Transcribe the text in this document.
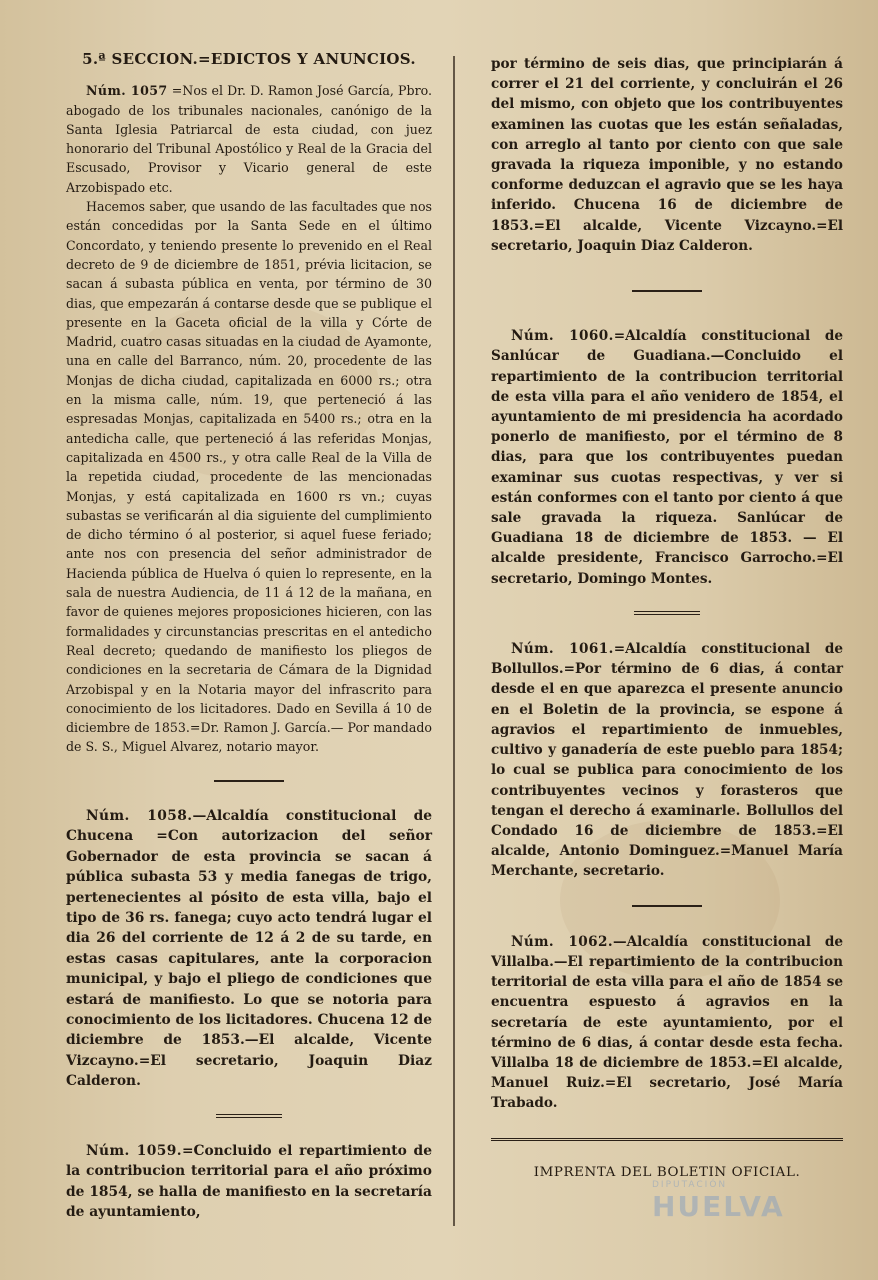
5.ª SECCION.=EDICTOS Y ANUNCIOS.

Núm. 1057 =Nos el Dr. D. Ramon José García, Pbro. abogado de los tribunales nacionales, canónigo de la Santa Iglesia Patriarcal de esta ciudad, con juez honorario del Tribunal Apostólico y Real de la Gracia del Escusado, Provisor y Vicario general de este Arzobispado etc.

Hacemos saber, que usando de las facultades que nos están concedidas por la Santa Sede en el último Concordato, y teniendo presente lo prevenido en el Real decreto de 9 de diciembre de 1851, prévia licitacion, se sacan á subasta pública en venta, por término de 30 dias, que empezarán á contarse desde que se publique el presente en la Gaceta oficial de la villa y Córte de Madrid, cuatro casas situadas en la ciudad de Ayamonte, una en calle del Barranco, núm. 20, procedente de las Monjas de dicha ciudad, capitalizada en 6000 rs.; otra en la misma calle, núm. 19, que perteneció á las espresadas Monjas, capitalizada en 5400 rs.; otra en la antedicha calle, que perteneció á las referidas Monjas, capitalizada en 4500 rs., y otra calle Real de la Villa de la repetida ciudad, procedente de las mencionadas Monjas, y está capitalizada en 1600 rs vn.; cuyas subastas se verificarán al dia siguiente del cumplimiento de dicho término ó al posterior, si aquel fuese feriado; ante nos con presencia del señor administrador de Hacienda pública de Huelva ó quien lo represente, en la sala de nuestra Audiencia, de 11 á 12 de la mañana, en favor de quienes mejores proposiciones hicieren, con las formalidades y circunstancias prescritas en el antedicho Real decreto; quedando de manifiesto los pliegos de condiciones en la secretaria de Cámara de la Dignidad Arzobispal y en la Notaria mayor del infrascrito para conocimiento de los licitadores. Dado en Sevilla á 10 de diciembre de 1853.=Dr. Ramon J. García.— Por mandado de S. S., Miguel Alvarez, notario mayor.

Núm. 1058.—Alcaldía constitucional de Chucena =Con autorizacion del señor Gobernador de esta provincia se sacan á pública subasta 53 y media fanegas de trigo, pertenecientes al pósito de esta villa, bajo el tipo de 36 rs. fanega; cuyo acto tendrá lugar el dia 26 del corriente de 12 á 2 de su tarde, en estas casas capitulares, ante la corporacion municipal, y bajo el pliego de condiciones que estará de manifiesto. Lo que se notoria para conocimiento de los licitadores. Chucena 12 de diciembre de 1853.—El alcalde, Vicente Vizcayno.=El secretario, Joaquin Diaz Calderon.

Núm. 1059.=Concluido el repartimiento de la contribucion territorial para el año próximo de 1854, se halla de manifiesto en la secretaría de ayuntamiento,

por término de seis dias, que principiarán á correr el 21 del corriente, y concluirán el 26 del mismo, con objeto que los contribuyentes examinen las cuotas que les están señaladas, con arreglo al tanto por ciento con que sale gravada la riqueza imponible, y no estando conforme deduzcan el agravio que se les haya inferido. Chucena 16 de diciembre de 1853.=El alcalde, Vicente Vizcayno.=El secretario, Joaquin Diaz Calderon.

Núm. 1060.=Alcaldía constitucional de Sanlúcar de Guadiana.—Concluido el repartimiento de la contribucion territorial de esta villa para el año venidero de 1854, el ayuntamiento de mi presidencia ha acordado ponerlo de manifiesto, por el término de 8 dias, para que los contribuyentes puedan examinar sus cuotas respectivas, y ver si están conformes con el tanto por ciento á que sale gravada la riqueza. Sanlúcar de Guadiana 18 de diciembre de 1853. — El alcalde presidente, Francisco Garrocho.=El secretario, Domingo Montes.

Núm. 1061.=Alcaldía constitucional de Bollullos.=Por término de 6 dias, á contar desde el en que aparezca el presente anuncio en el Boletin de la provincia, se espone á agravios el repartimiento de inmuebles, cultivo y ganadería de este pueblo para 1854; lo cual se publica para conocimiento de los contribuyentes vecinos y forasteros que tengan el derecho á examinarle. Bollullos del Condado 16 de diciembre de 1853.=El alcalde, Antonio Dominguez.=Manuel María Merchante, secretario.

Núm. 1062.—Alcaldía constitucional de Villalba.—El repartimiento de la contribucion territorial de esta villa para el año de 1854 se encuentra espuesto á agravios en la secretaría de este ayuntamiento, por el término de 6 dias, á contar desde esta fecha. Villalba 18 de diciembre de 1853.=El alcalde, Manuel Ruiz.=El secretario, José María Trabado.

IMPRENTA DEL BOLETIN OFICIAL.
DIPUTACIÓN
HUELVA
